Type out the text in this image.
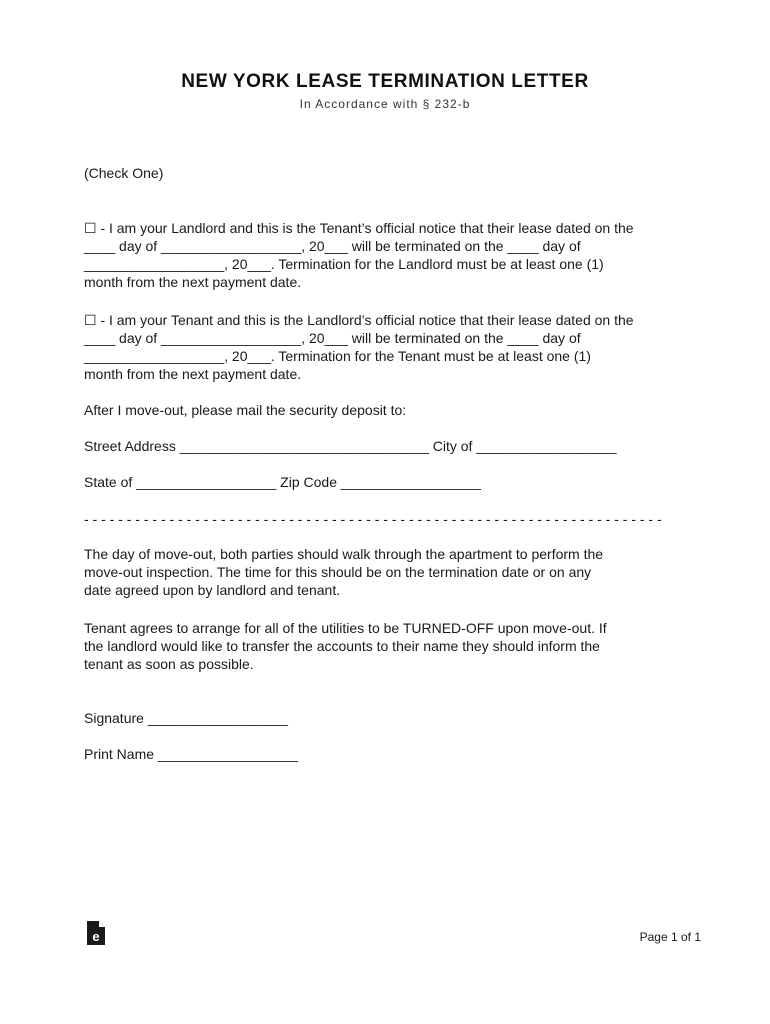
NEW YORK LEASE TERMINATION LETTER
In Accordance with § 232-b
(Check One)
☐ - I am your Landlord and this is the Tenant’s official notice that their lease dated on the
____ day of __________________, 20___ will be terminated on the ____ day of
__________________, 20___. Termination for the Landlord must be at least one (1)
month from the next payment date.
☐ - I am your Tenant and this is the Landlord’s official notice that their lease dated on the
____ day of __________________, 20___ will be terminated on the ____ day of
__________________, 20___. Termination for the Tenant must be at least one (1)
month from the next payment date.
After I move-out, please mail the security deposit to:
Street Address ________________________________ City of __________________
State of __________________ Zip Code __________________
- - - - - - - - - - - - - - - - - - - - - - - - - - - - - - - - - - - - - - - - - - - - - - - - - - - - - - - - - - - - - - - - - - - -
The day of move-out, both parties should walk through the apartment to perform the
move-out inspection. The time for this should be on the termination date or on any
date agreed upon by landlord and tenant.
Tenant agrees to arrange for all of the utilities to be TURNED-OFF upon move-out. If
the landlord would like to transfer the accounts to their name they should inform the
tenant as soon as possible.
Signature __________________
Print Name __________________
e	Page 1 of 1
